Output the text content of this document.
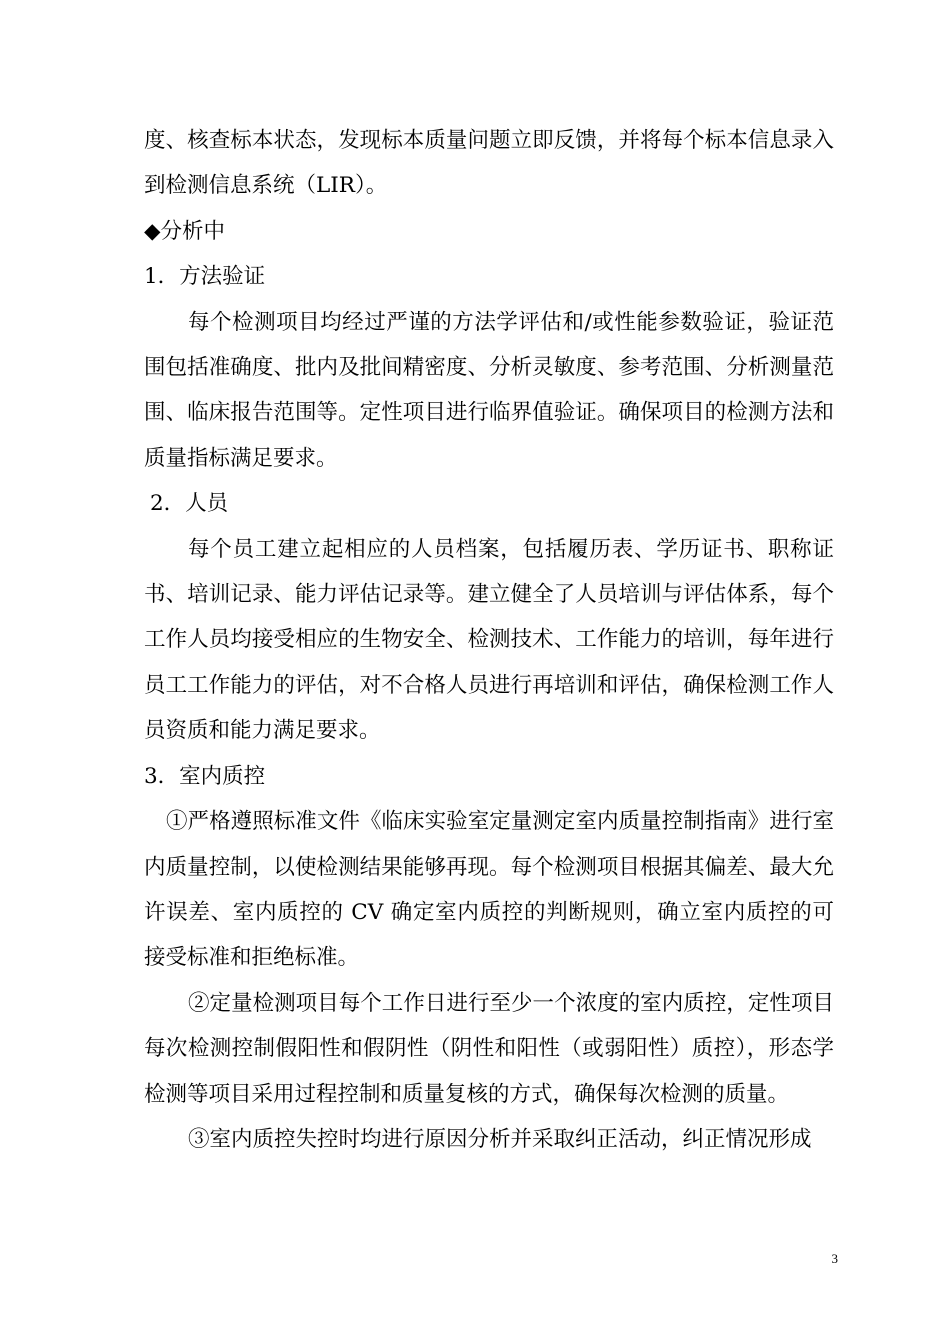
度、核查标本状态，发现标本质量问题立即反馈，并将每个标本信息录入到检测信息系统（LIR）。

◆分析中

1．方法验证

每个检测项目均经过严谨的方法学评估和/或性能参数验证，验证范围包括准确度、批内及批间精密度、分析灵敏度、参考范围、分析测量范围、临床报告范围等。定性项目进行临界值验证。确保项目的检测方法和质量指标满足要求。

2．人员

每个员工建立起相应的人员档案，包括履历表、学历证书、职称证书、培训记录、能力评估记录等。建立健全了人员培训与评估体系，每个工作人员均接受相应的生物安全、检测技术、工作能力的培训，每年进行员工工作能力的评估，对不合格人员进行再培训和评估，确保检测工作人员资质和能力满足要求。

3．室内质控

①严格遵照标准文件《临床实验室定量测定室内质量控制指南》进行室内质量控制，以使检测结果能够再现。每个检测项目根据其偏差、最大允许误差、室内质控的 CV 确定室内质控的判断规则，确立室内质控的可接受标准和拒绝标准。

②定量检测项目每个工作日进行至少一个浓度的室内质控，定性项目每次检测控制假阳性和假阴性（阴性和阳性（或弱阳性）质控），形态学检测等项目采用过程控制和质量复核的方式，确保每次检测的质量。

③室内质控失控时均进行原因分析并采取纠正活动，纠正情况形成

3
